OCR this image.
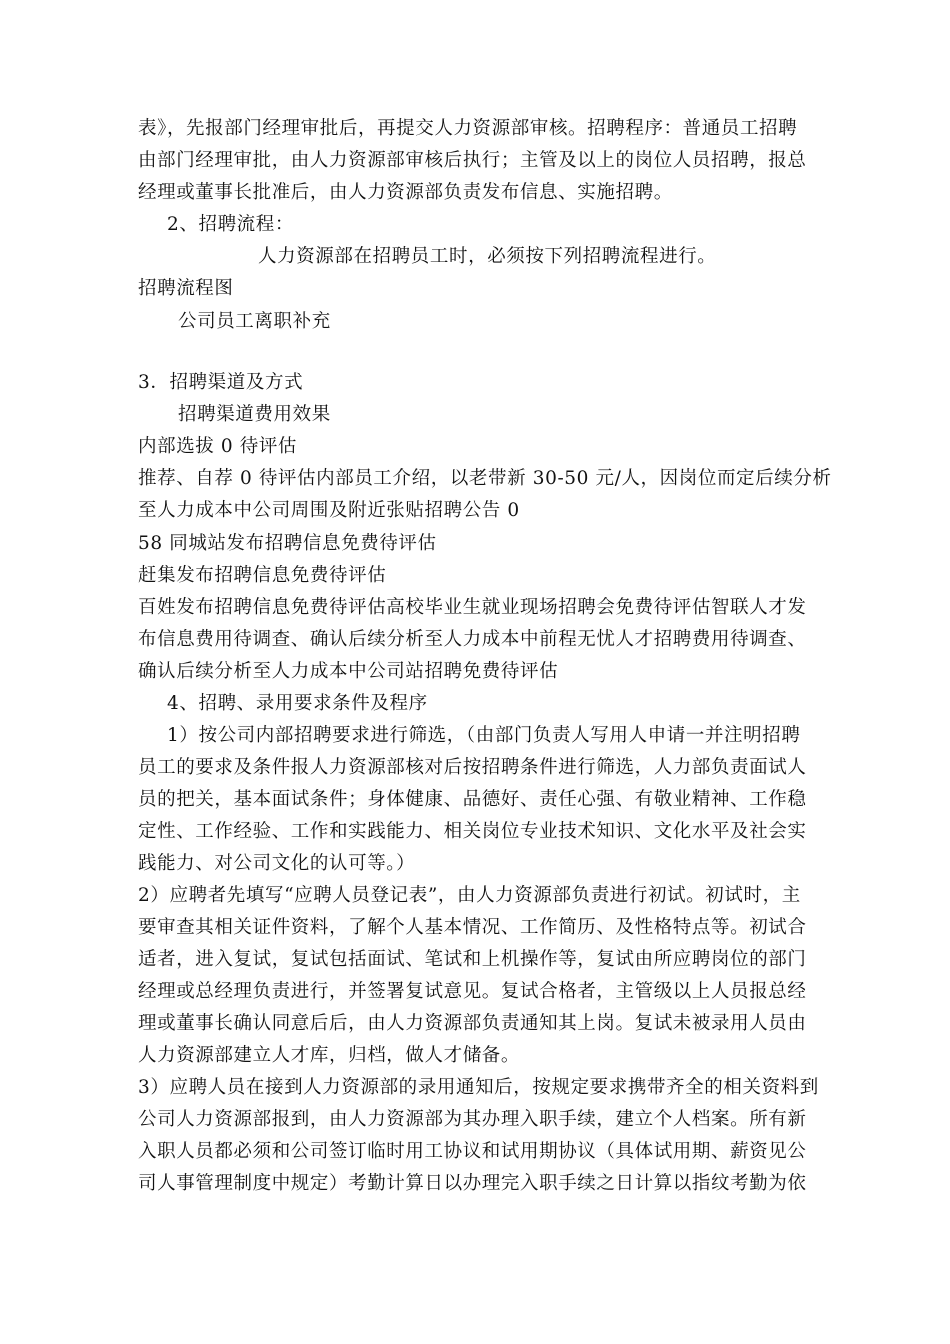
表》，先报部门经理审批后，再提交人力资源部审核。招聘程序：普通员工招聘
由部门经理审批，由人力资源部审核后执行；主管及以上的岗位人员招聘，报总
经理或董事长批准后，由人力资源部负责发布信息、实施招聘。
2、招聘流程：
人力资源部在招聘员工时，必须按下列招聘流程进行。
招聘流程图
公司员工离职补充
3．招聘渠道及方式
招聘渠道费用效果
内部选拔 0 待评估
推荐、自荐 0 待评估内部员工介绍，以老带新 30-50 元/人，因岗位而定后续分析
至人力成本中公司周围及附近张贴招聘公告 0
58 同城站发布招聘信息免费待评估
赶集发布招聘信息免费待评估
百姓发布招聘信息免费待评估高校毕业生就业现场招聘会免费待评估智联人才发
布信息费用待调查、确认后续分析至人力成本中前程无忧人才招聘费用待调查、
确认后续分析至人力成本中公司站招聘免费待评估
4、招聘、录用要求条件及程序
1）按公司内部招聘要求进行筛选，（由部门负责人写用人申请一并注明招聘
员工的要求及条件报人力资源部核对后按招聘条件进行筛选，人力部负责面试人
员的把关，基本面试条件；身体健康、品德好、责任心强、有敬业精神、工作稳
定性、工作经验、工作和实践能力、相关岗位专业技术知识、文化水平及社会实
践能力、对公司文化的认可等。）
2）应聘者先填写“应聘人员登记表”，由人力资源部负责进行初试。初试时，主
要审查其相关证件资料，了解个人基本情况、工作简历、及性格特点等。初试合
适者，进入复试，复试包括面试、笔试和上机操作等，复试由所应聘岗位的部门
经理或总经理负责进行，并签署复试意见。复试合格者，主管级以上人员报总经
理或董事长确认同意后后，由人力资源部负责通知其上岗。复试未被录用人员由
人力资源部建立人才库，归档，做人才储备。
3）应聘人员在接到人力资源部的录用通知后，按规定要求携带齐全的相关资料到
公司人力资源部报到，由人力资源部为其办理入职手续，建立个人档案。所有新
入职人员都必须和公司签订临时用工协议和试用期协议（具体试用期、薪资见公
司人事管理制度中规定）考勤计算日以办理完入职手续之日计算以指纹考勤为依
